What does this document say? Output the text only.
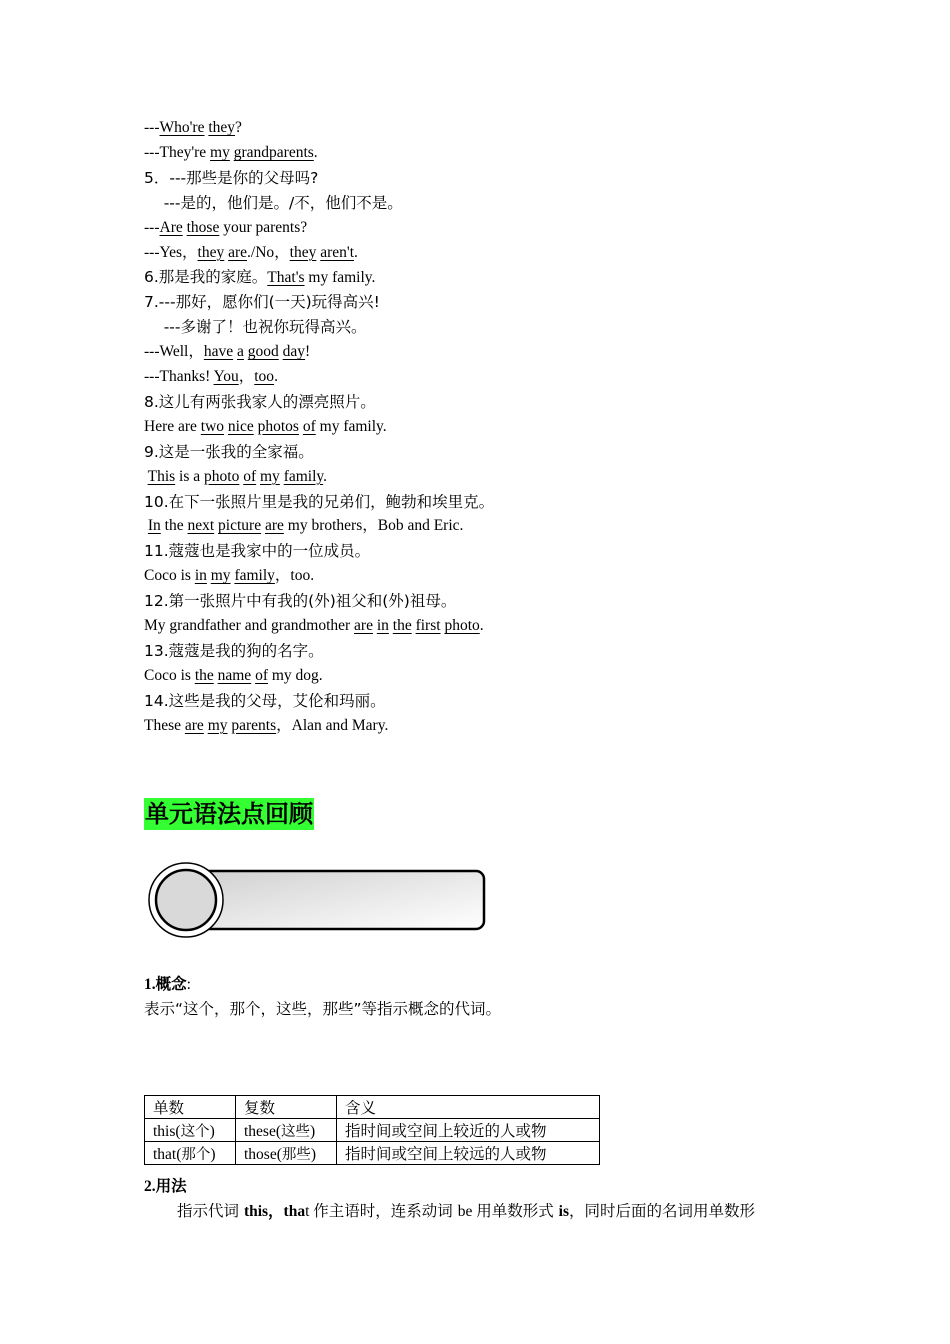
---Who're they?
---They're my grandparents.
5．---那些是你的父母吗?
---是的，他们是。/不，他们不是。
---Are those your parents?
---Yes，they are./No，they aren't.
6.那是我的家庭。That's my family.
7.---那好，愿你们(一天)玩得高兴!
---多谢了！也祝你玩得高兴。
---Well，have a good day!
---Thanks! You，too.
8.这儿有两张我家人的漂亮照片。
Here are two nice photos of my family.
9.这是一张我的全家福。
This is a photo of my family.
10.在下一张照片里是我的兄弟们，鲍勃和埃里克。
In the next picture are my brothers，Bob and Eric.
11.蔻蔻也是我家中的一位成员。
Coco is in my family，too.
12.第一张照片中有我的(外)祖父和(外)祖母。
My grandfather and grandmother are in the first photo.
13.蔻蔻是我的狗的名字。
Coco is the name of my dog.
14.这些是我的父母，艾伦和玛丽。
These are my parents，Alan and Mary.
单元语法点回顾
1.概念:
表示“这个，那个，这些，那些”等指示概念的代词。
单数	复数	含义
this(这个)	these(这些)	指时间或空间上较近的人或物
that(那个)	those(那些)	指时间或空间上较远的人或物
2.用法
指示代词 this，that 作主语时，连系动词 be 用单数形式 is，同时后面的名词用单数形
